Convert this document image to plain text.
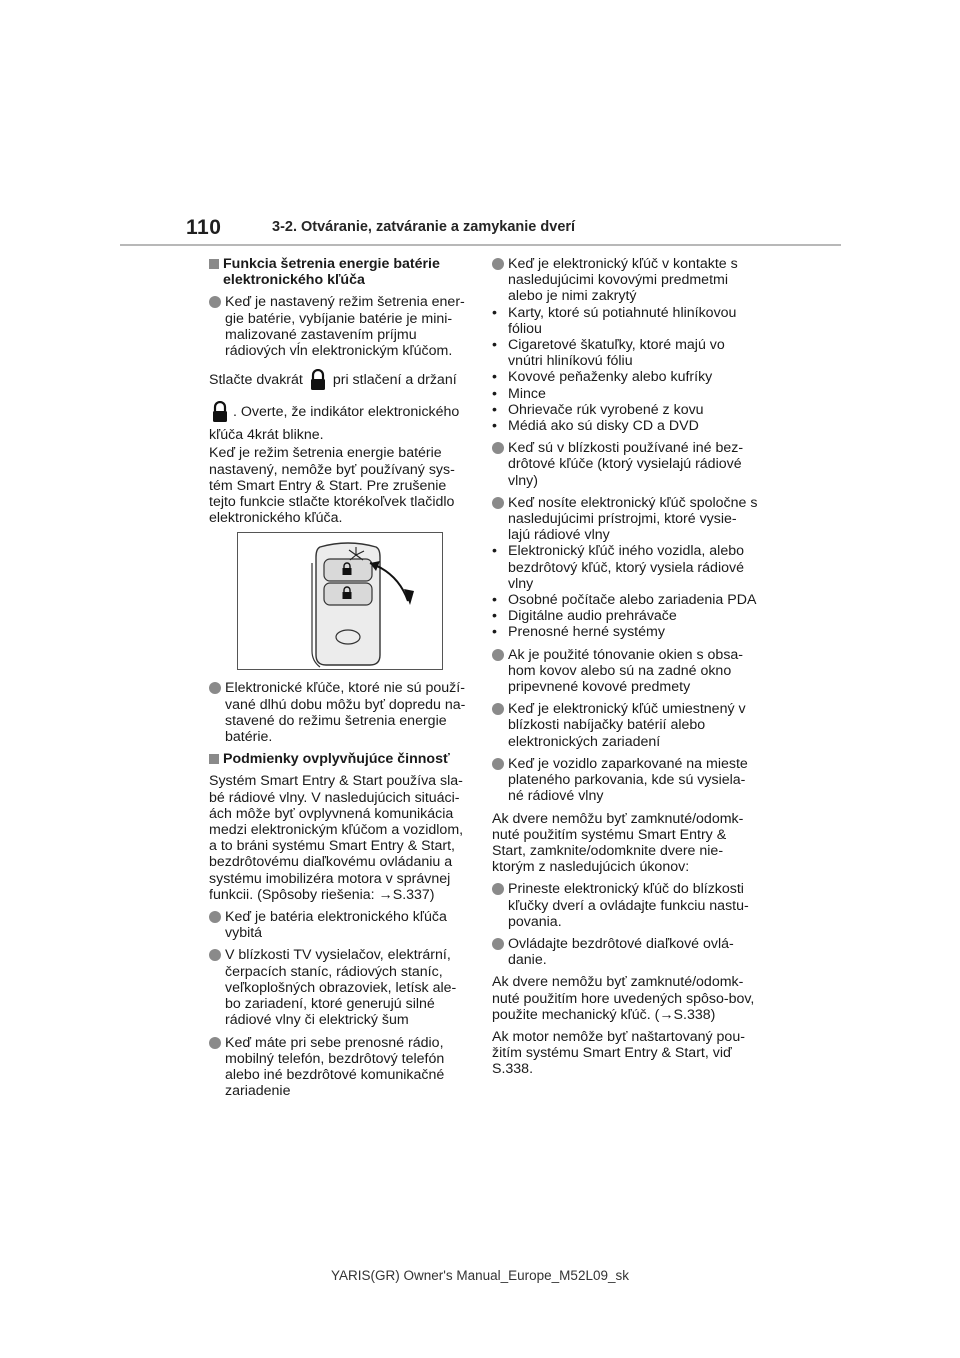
110	3-2. Otváranie, zatváranie a zamykanie dverí
Funkcia šetrenia energie batérie elektronického kľúča
Keď je nastavený režim šetrenia ener-gie batérie, vybíjanie batérie je mini-malizované zastavením príjmu rádiových vĺn elektronickým kľúčom.
Stlačte dvakrát pri stlačení a držaní
. Overte, že indikátor elektronického
kľúča 4krát blikne.
Keď je režim šetrenia energie batérie nastavený, nemôže byť používaný sys-tém Smart Entry & Start. Pre zrušenie tejto funkcie stlačte ktorékoľvek tlačidlo elektronického kľúča.
Elektronické kľúče, ktoré nie sú použí-vané dlhú dobu môžu byť dopredu na-stavené do režimu šetrenia energie batérie.
Podmienky ovplyvňujúce činnosť
Systém Smart Entry & Start používa sla-bé rádiové vlny. V nasledujúcich situáci-ách môže byť ovplyvnená komunikácia medzi elektronickým kľúčom a vozidlom, a to bráni systému Smart Entry & Start, bezdrôtovému diaľkovému ovládaniu a systému imobilizéra motora v správnej funkcii. (Spôsoby riešenia: →S.337)
Keď je batéria elektronického kľúča vybitá
V blízkosti TV vysielačov, elektrární, čerpacích staníc, rádiových staníc, veľkoplošných obrazoviek, letísk ale-bo zariadení, ktoré generujú silné rádiové vlny či elektrický šum
Keď máte pri sebe prenosné rádio, mobilný telefón, bezdrôtový telefón alebo iné bezdrôtové komunikačné zariadenie
Keď je elektronický kľúč v kontakte s nasledujúcimi kovovými predmetmi alebo je nimi zakrytý
• Karty, ktoré sú potiahnuté hliníkovou fóliou
• Cigaretové škatuľky, ktoré majú vo vnútri hliníkovú fóliu
• Kovové peňaženky alebo kufríky
• Mince
• Ohrievače rúk vyrobené z kovu
• Médiá ako sú disky CD a DVD
Keď sú v blízkosti používané iné bez-drôtové kľúče (ktorý vysielajú rádiové vlny)
Keď nosíte elektronický kľúč spoločne s nasledujúcimi prístrojmi, ktoré vysie-lajú rádiové vlny
• Elektronický kľúč iného vozidla, alebo bezdrôtový kľúč, ktorý vysiela rádiové vlny
• Osobné počítače alebo zariadenia PDA
• Digitálne audio prehrávače
• Prenosné herné systémy
Ak je použité tónovanie okien s obsa-hom kovov alebo sú na zadné okno pripevnené kovové predmety
Keď je elektronický kľúč umiestnený v blízkosti nabíjačky batérií alebo elektronických zariadení
Keď je vozidlo zaparkované na mieste plateného parkovania, kde sú vysiela-né rádiové vlny
Ak dvere nemôžu byť zamknuté/odomk-nuté použitím systému Smart Entry & Start, zamknite/odomknite dvere nie-ktorým z nasledujúcich úkonov:
Prineste elektronický kľúč do blízkosti kľučky dverí a ovládajte funkciu nastu-povania.
Ovládajte bezdrôtové diaľkové ovlá-danie.
Ak dvere nemôžu byť zamknuté/odomk-nuté použitím hore uvedených spôso-bov, použite mechanický kľúč. (→S.338)
Ak motor nemôže byť naštartovaný pou-žitím systému Smart Entry & Start, viď S.338.
YARIS(GR) Owner's Manual_Europe_M52L09_sk
